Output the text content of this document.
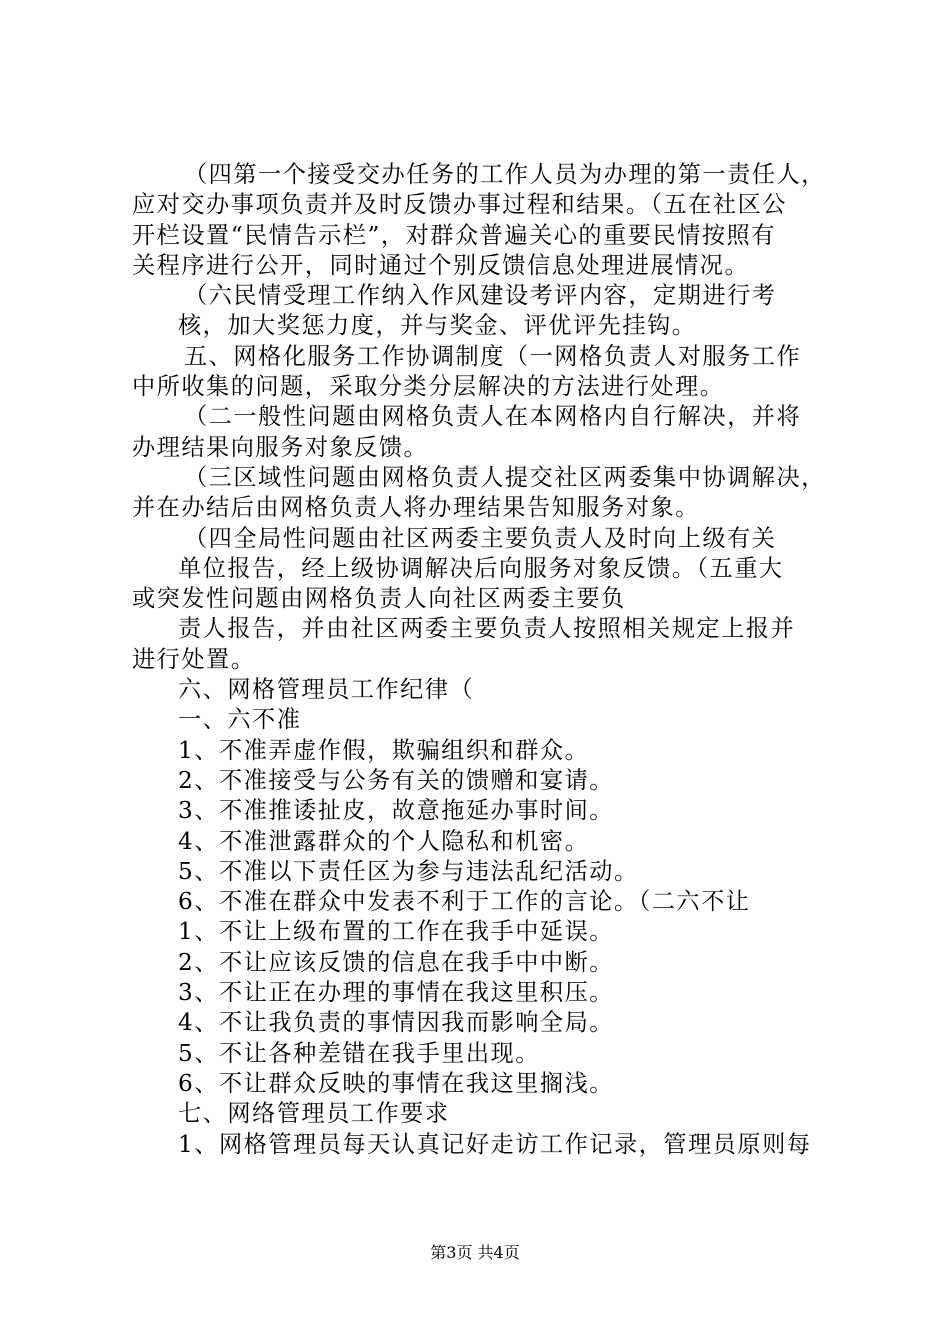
（四第一个接受交办任务的工作人员为办理的第一责任人，
应对交办事项负责并及时反馈办事过程和结果。（五在社区公
开栏设置“民情告示栏”，对群众普遍关心的重要民情按照有
关程序进行公开，同时通过个别反馈信息处理进展情况。
（六民情受理工作纳入作风建设考评内容，定期进行考
核，加大奖惩力度，并与奖金、评优评先挂钩。
五、网格化服务工作协调制度（一网格负责人对服务工作
中所收集的问题，采取分类分层解决的方法进行处理。
（二一般性问题由网格负责人在本网格内自行解决，并将
办理结果向服务对象反馈。
（三区域性问题由网格负责人提交社区两委集中协调解决，
并在办结后由网格负责人将办理结果告知服务对象。
（四全局性问题由社区两委主要负责人及时向上级有关
单位报告，经上级协调解决后向服务对象反馈。（五重大
或突发性问题由网格负责人向社区两委主要负
责人报告，并由社区两委主要负责人按照相关规定上报并
进行处置。
六、网格管理员工作纪律（
一、六不准
1、不准弄虚作假，欺骗组织和群众。
2、不准接受与公务有关的馈赠和宴请。
3、不准推诿扯皮，故意拖延办事时间。
4、不准泄露群众的个人隐私和机密。
5、不准以下责任区为参与违法乱纪活动。
6、不准在群众中发表不利于工作的言论。（二六不让
1、不让上级布置的工作在我手中延误。
2、不让应该反馈的信息在我手中中断。
3、不让正在办理的事情在我这里积压。
4、不让我负责的事情因我而影响全局。
5、不让各种差错在我手里出现。
6、不让群众反映的事情在我这里搁浅。
七、网络管理员工作要求
1、网格管理员每天认真记好走访工作记录，管理员原则每
第3页 共4页
